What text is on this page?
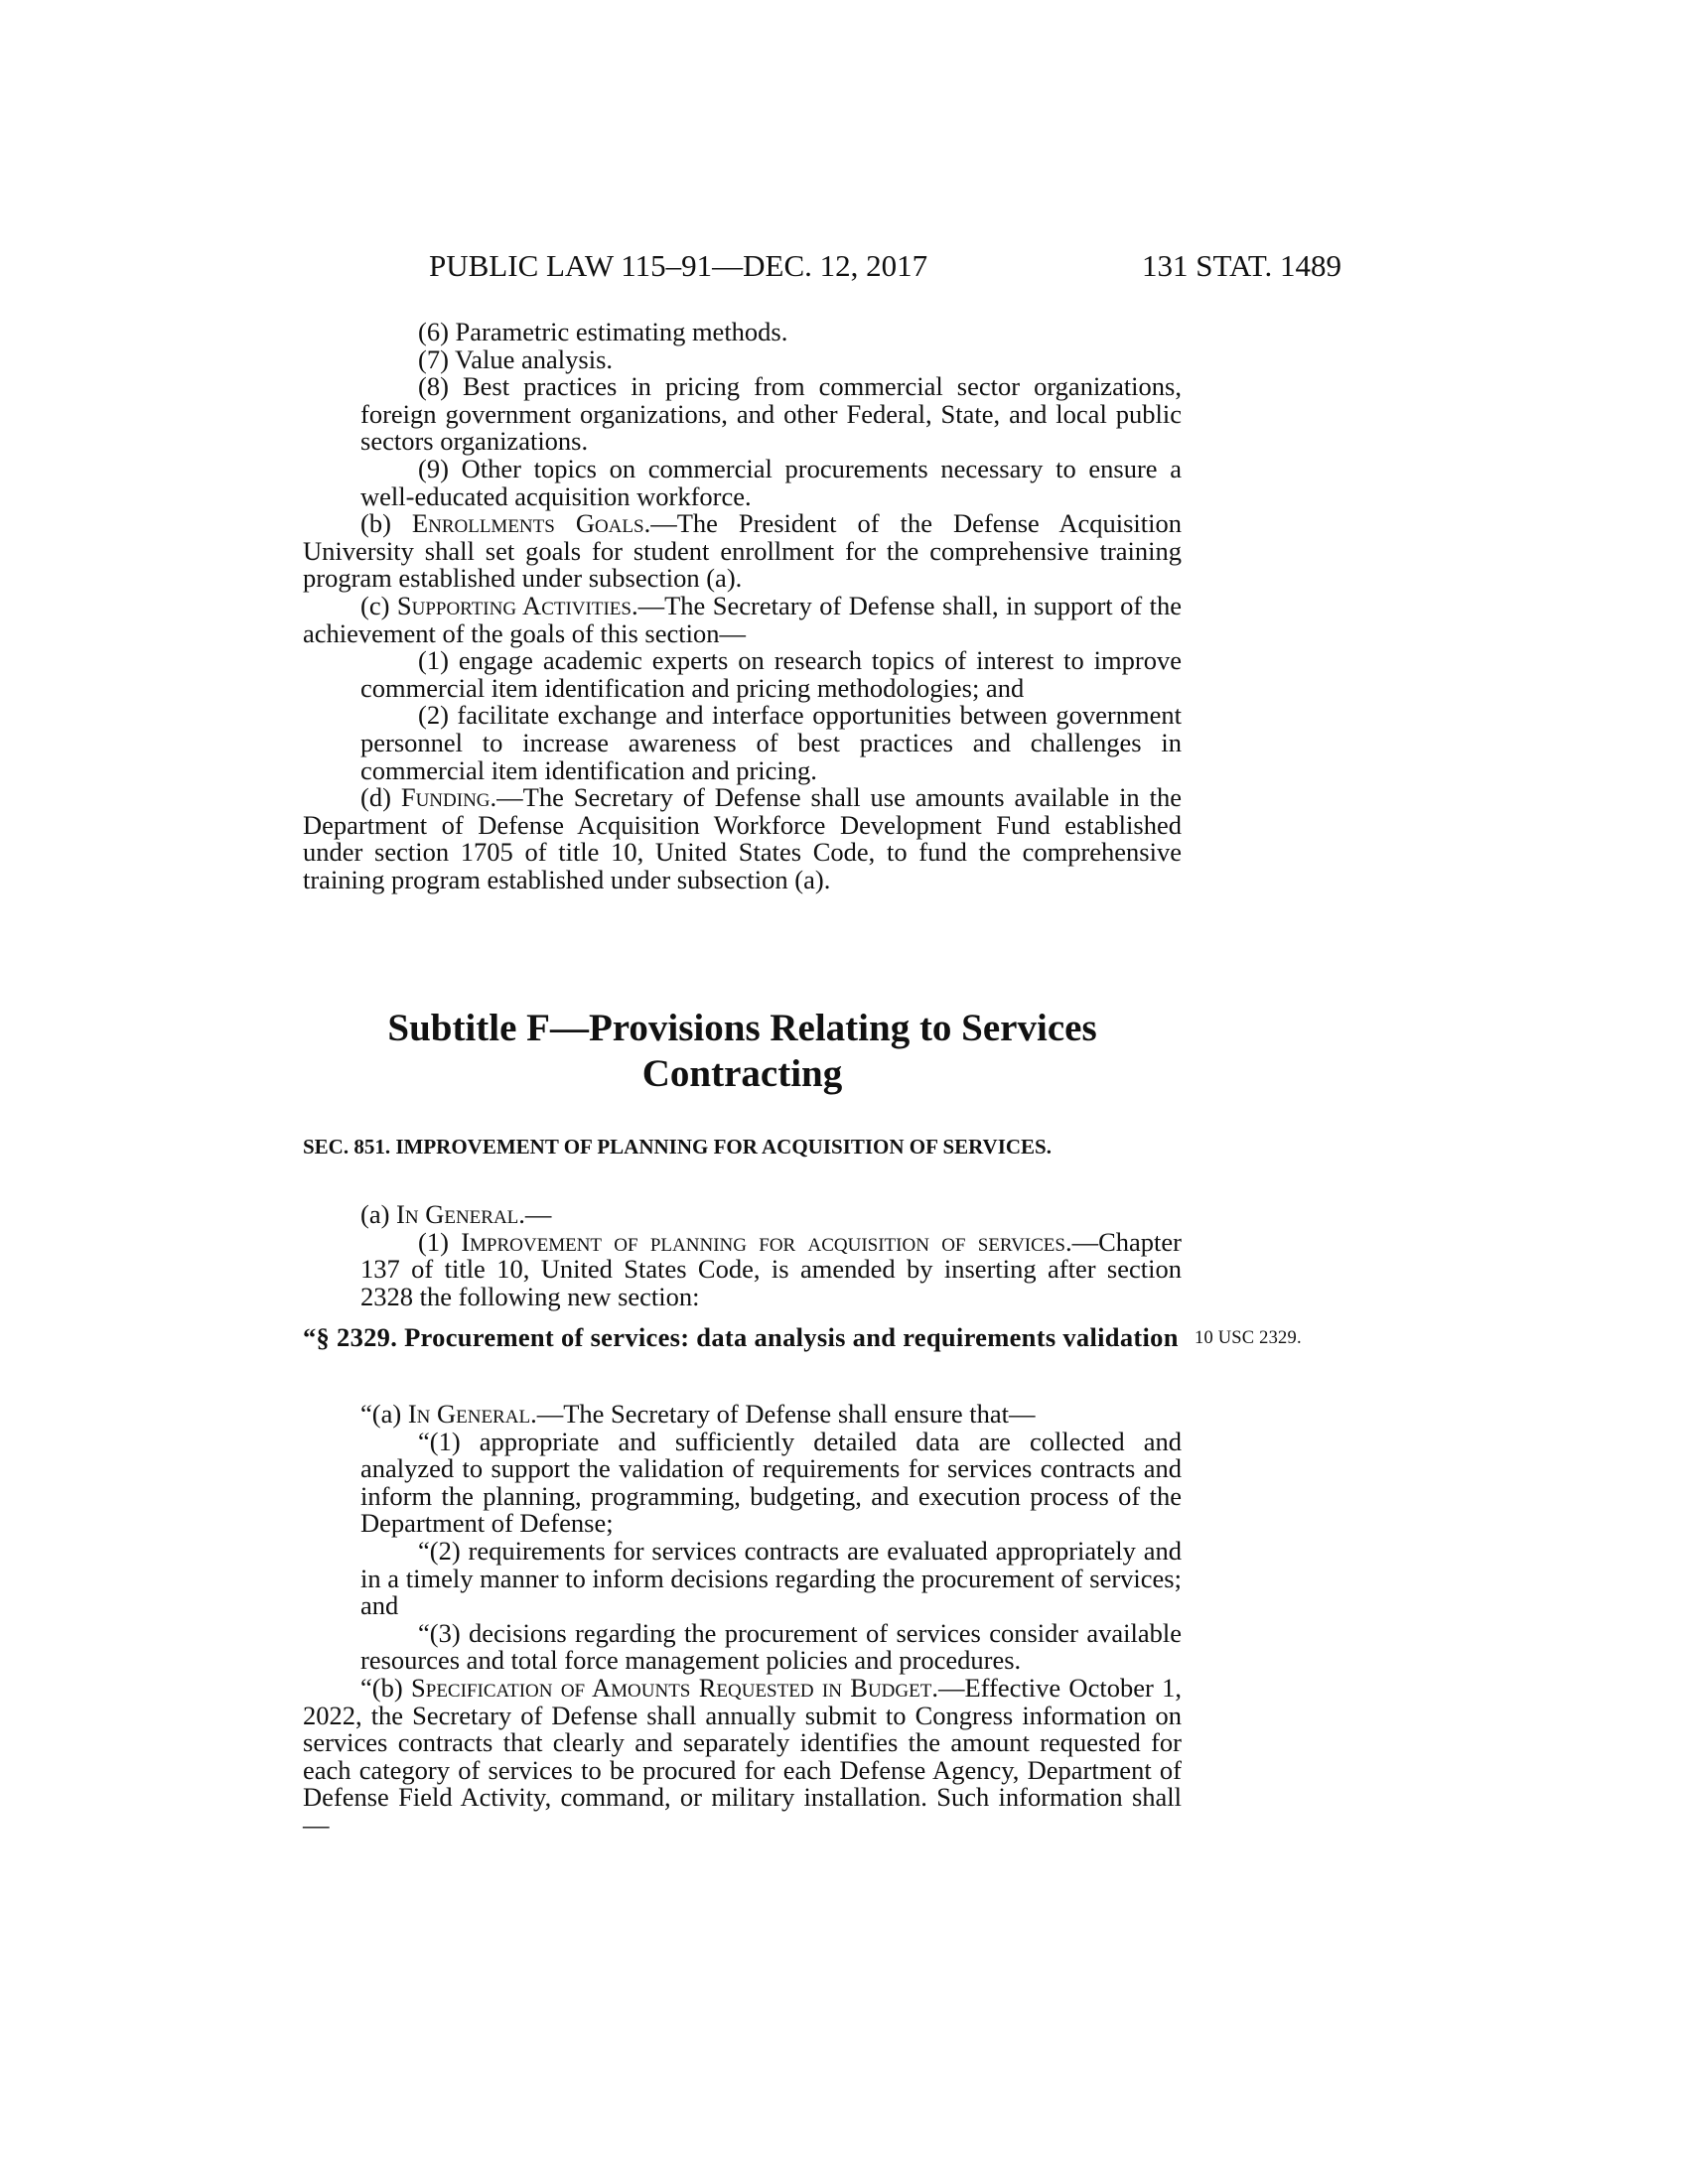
PUBLIC LAW 115–91—DEC. 12, 2017	131 STAT. 1489

(6) Parametric estimating methods.

(7) Value analysis.

(8) Best practices in pricing from commercial sector organizations, foreign government organizations, and other Federal, State, and local public sectors organizations.

(9) Other topics on commercial procurements necessary to ensure a well-educated acquisition workforce.

(b) Enrollments Goals.—The President of the Defense Acquisition University shall set goals for student enrollment for the comprehensive training program established under subsection (a).

(c) Supporting Activities.—The Secretary of Defense shall, in support of the achievement of the goals of this section—

(1) engage academic experts on research topics of interest to improve commercial item identification and pricing methodologies; and

(2) facilitate exchange and interface opportunities between government personnel to increase awareness of best practices and challenges in commercial item identification and pricing.

(d) Funding.—The Secretary of Defense shall use amounts available in the Department of Defense Acquisition Workforce Development Fund established under section 1705 of title 10, United States Code, to fund the comprehensive training program established under subsection (a).

Subtitle F—Provisions Relating to Services
Contracting
SEC. 851. IMPROVEMENT OF PLANNING FOR ACQUISITION OF SERVICES.

(a) In General.—

(1) Improvement of planning for acquisition of services.—Chapter 137 of title 10, United States Code, is amended by inserting after section 2328 the following new section:

“§ 2329. Procurement of services: data analysis and requirements validation 10 USC 2329.

“(a) In General.—The Secretary of Defense shall ensure that—

“(1) appropriate and sufficiently detailed data are collected and analyzed to support the validation of requirements for services contracts and inform the planning, programming, budgeting, and execution process of the Department of Defense;

“(2) requirements for services contracts are evaluated appropriately and in a timely manner to inform decisions regarding the procurement of services; and

“(3) decisions regarding the procurement of services consider available resources and total force management policies and procedures.

“(b) Specification of Amounts Requested in Budget.—Effective October 1, 2022, the Secretary of Defense shall annually submit to Congress information on services contracts that clearly and separately identifies the amount requested for each category of services to be procured for each Defense Agency, Department of Defense Field Activity, command, or military installation. Such information shall—
